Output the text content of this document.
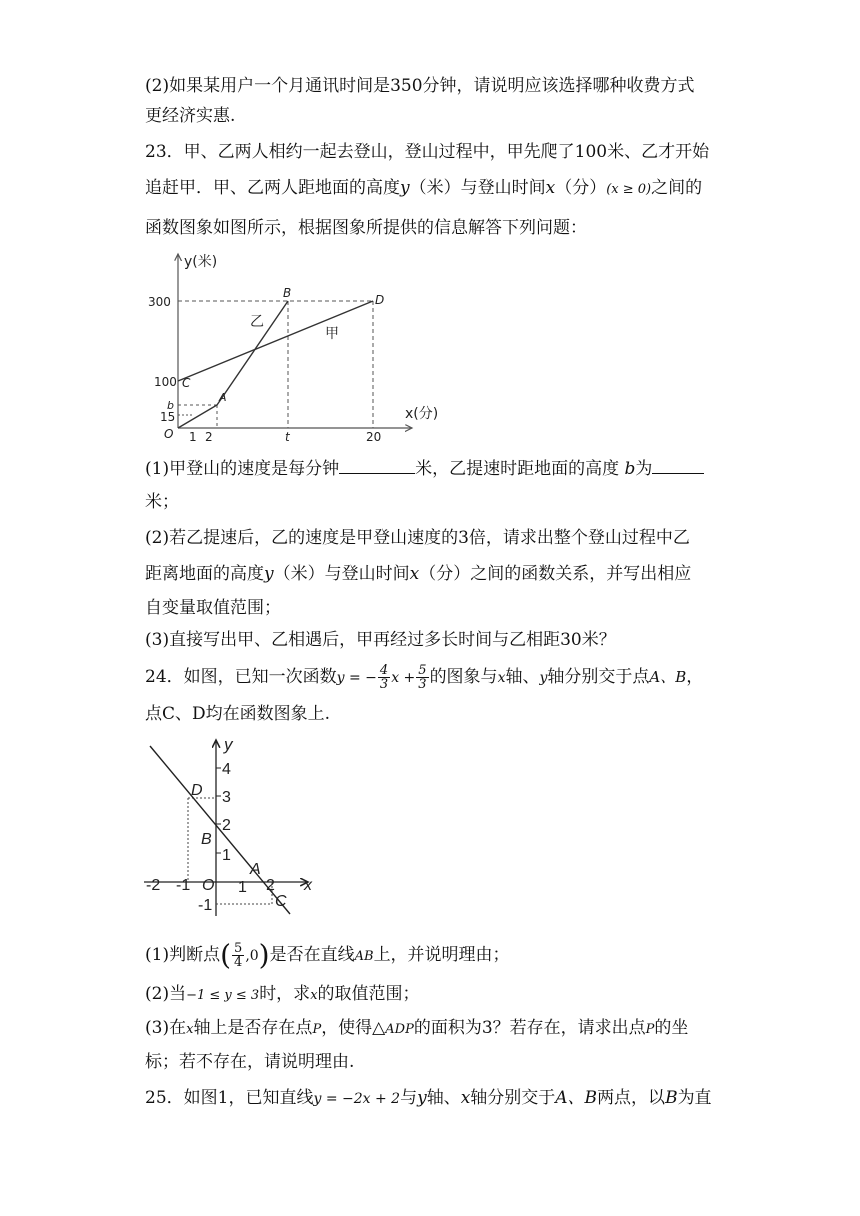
(2)如果某用户一个月通讯时间是350分钟，请说明应该选择哪种收费方式
更经济实惠.
23．甲、乙两人相约一起去登山，登山过程中，甲先爬了100米、乙才开始
追赶甲．甲、乙两人距地面的高度y（米）与登山时间x（分）(x ≥ 0)之间的
函数图象如图所示，根据图象所提供的信息解答下列问题：
y(米)
x(分)
300
100
b
15
1 2	t	20
O
A
B
C
D
乙
甲
(1)甲登山的速度是每分钟	米，乙提速时距地面的高度 b为
米；
(2)若乙提速后，乙的速度是甲登山速度的3倍，请求出整个登山过程中乙
距离地面的高度y（米）与登山时间x（分）之间的函数关系，并写出相应
自变量取值范围；
(3)直接写出甲、乙相遇后，甲再经过多长时间与乙相距30米？
24．如图，已知一次函数y = − $\frac{4}{3}$ $x + \frac{5}{3}$ 的图象与x轴、y轴分别交于点A、B，
点C、D均在函数图象上.
y
x
4
3
2
1
-1
-2 -1	1 2
O
D
B
A
C
(1)判断点( $\frac{5}{4} ,0$)是否在直线AB上，并说明理由；
(2)当−1 ≤ y ≤ 3时，求x的取值范围；
(3)在x轴上是否存在点P，使得△ADP的面积为3？若存在，请求出点P的坐
标；若不存在，请说明理由.
25．如图1，已知直线y = −2x + 2与y轴、x轴分别交于A、B两点，以B为直
